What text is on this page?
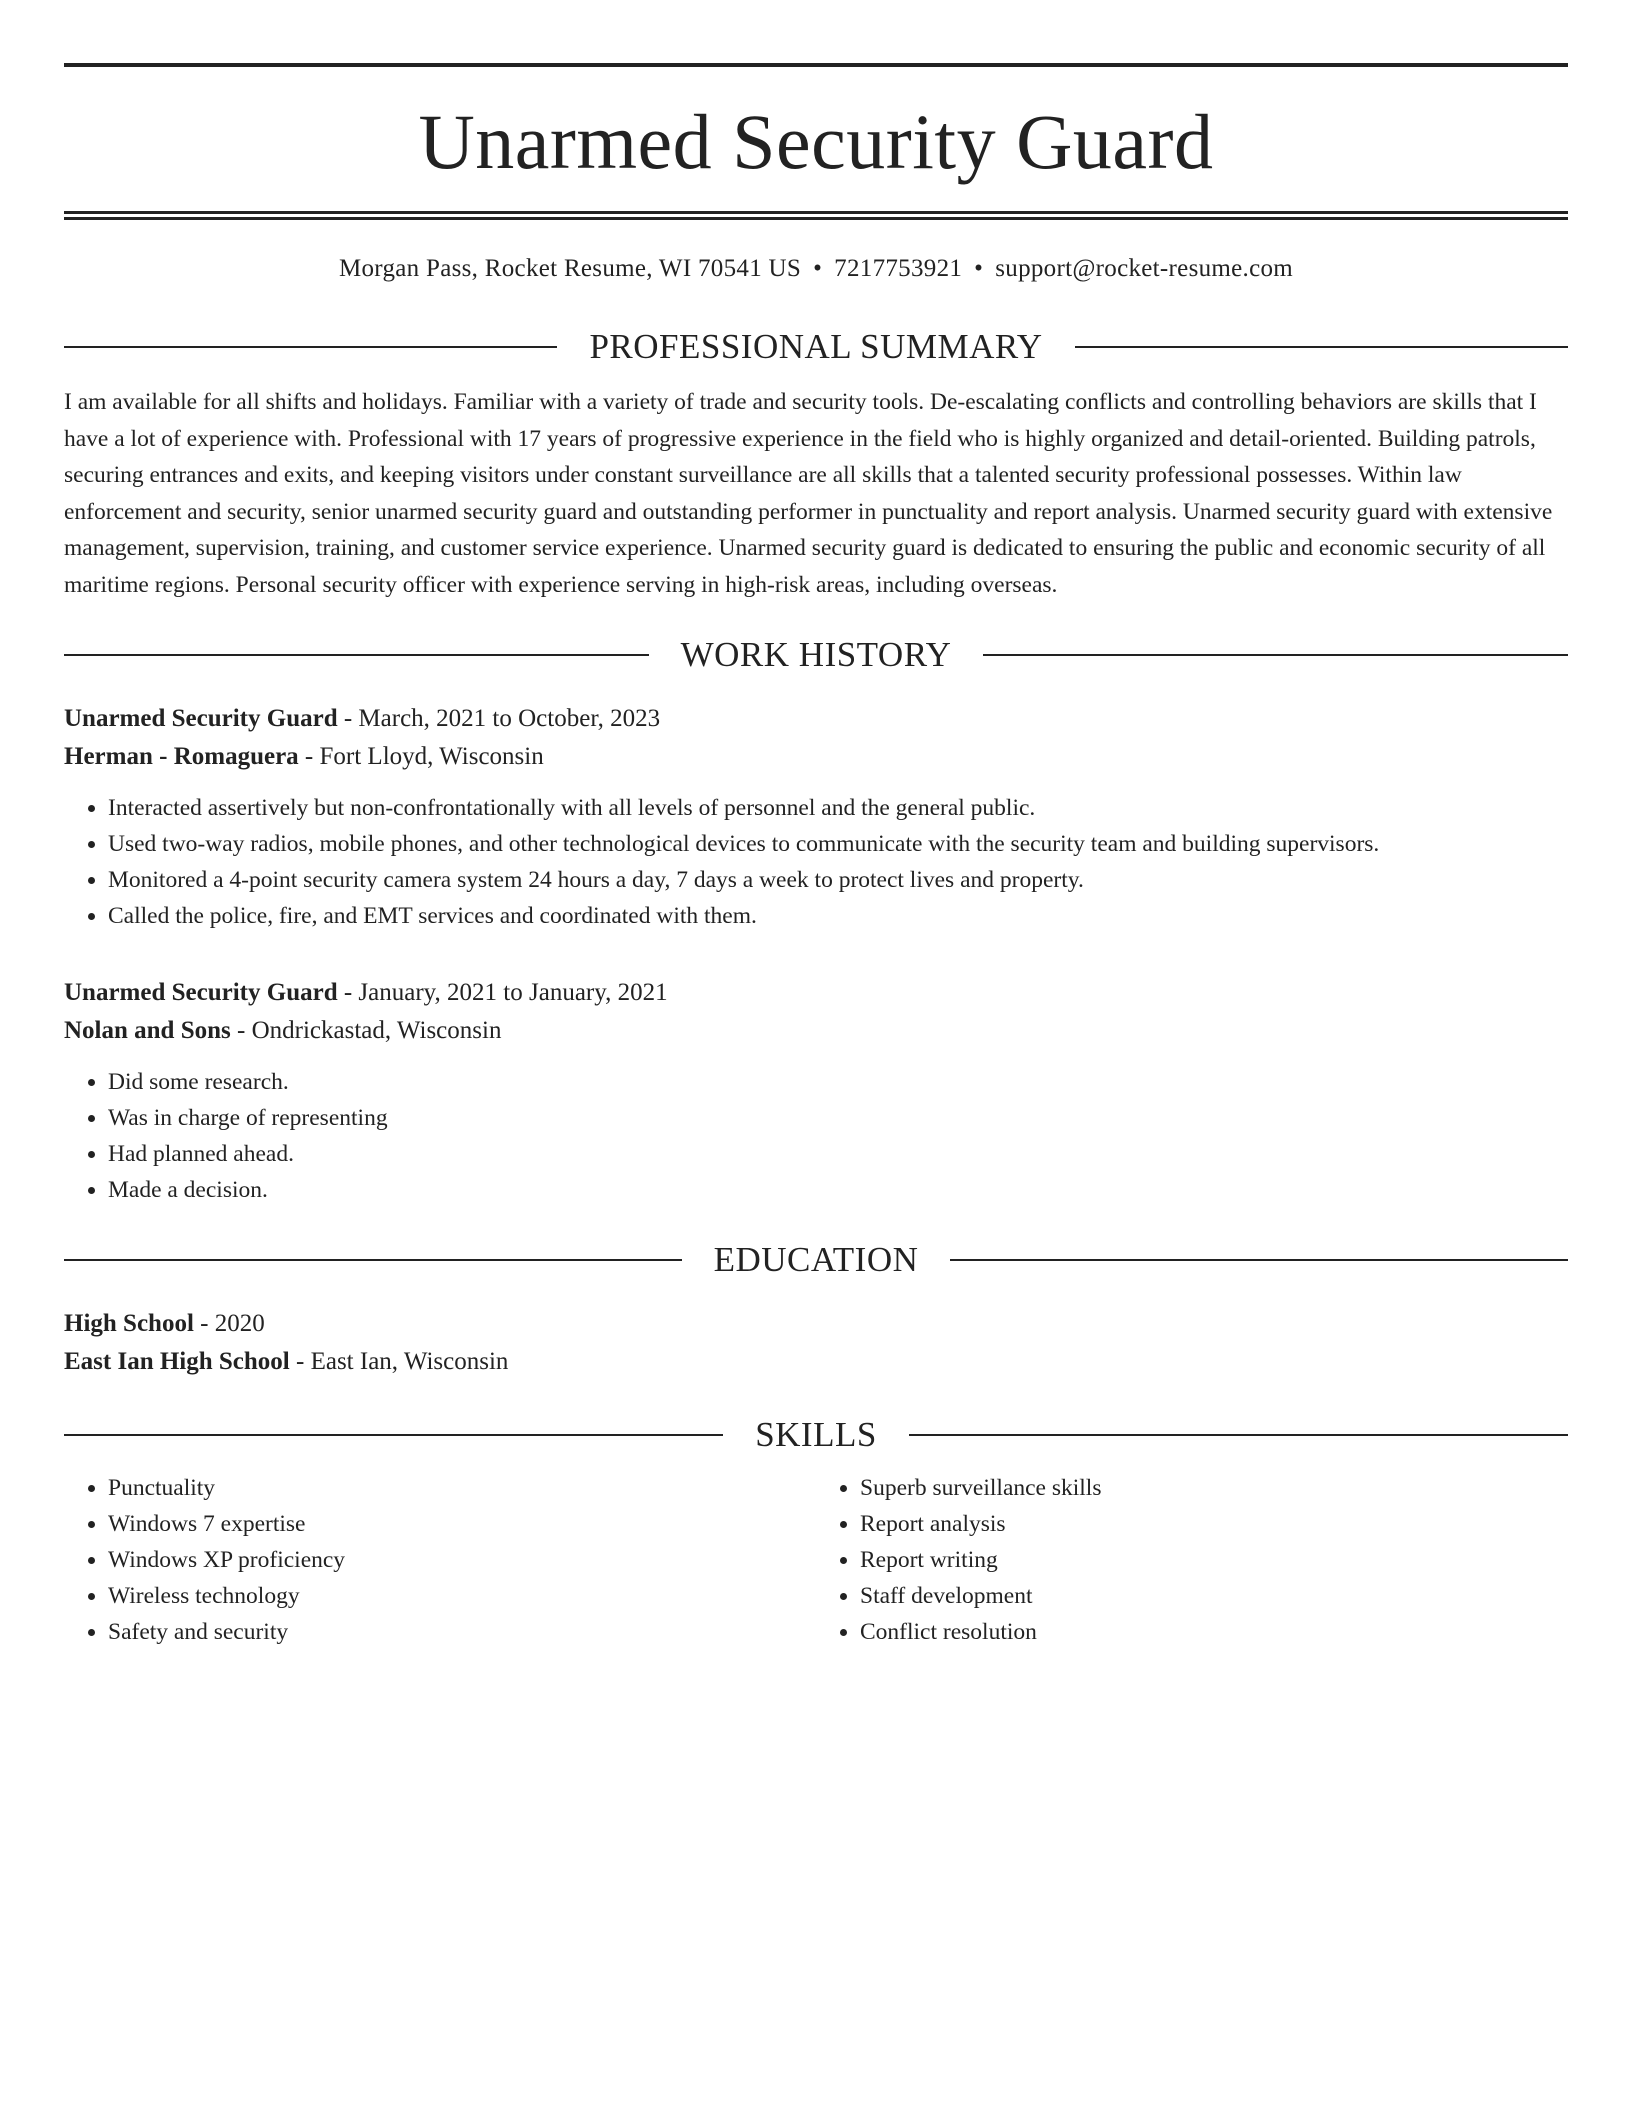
Unarmed Security Guard
Morgan Pass, Rocket Resume, WI 70541 US • 7217753921 • support@rocket-resume.com
PROFESSIONAL SUMMARY
I am available for all shifts and holidays. Familiar with a variety of trade and security tools. De-escalating conflicts and controlling behaviors are skills that I have a lot of experience with. Professional with 17 years of progressive experience in the field who is highly organized and detail-oriented. Building patrols, securing entrances and exits, and keeping visitors under constant surveillance are all skills that a talented security professional possesses. Within law enforcement and security, senior unarmed security guard and outstanding performer in punctuality and report analysis. Unarmed security guard with extensive management, supervision, training, and customer service experience. Unarmed security guard is dedicated to ensuring the public and economic security of all maritime regions. Personal security officer with experience serving in high-risk areas, including overseas.
WORK HISTORY
Unarmed Security Guard - March, 2021 to October, 2023
Herman - Romaguera - Fort Lloyd, Wisconsin
• Interacted assertively but non-confrontationally with all levels of personnel and the general public.
• Used two-way radios, mobile phones, and other technological devices to communicate with the security team and building supervisors.
• Monitored a 4-point security camera system 24 hours a day, 7 days a week to protect lives and property.
• Called the police, fire, and EMT services and coordinated with them.
Unarmed Security Guard - January, 2021 to January, 2021
Nolan and Sons - Ondrickastad, Wisconsin
• Did some research.
• Was in charge of representing
• Had planned ahead.
• Made a decision.
EDUCATION
High School - 2020
East Ian High School - East Ian, Wisconsin
SKILLS
• Punctuality
• Windows 7 expertise
• Windows XP proficiency
• Wireless technology
• Safety and security
• Superb surveillance skills
• Report analysis
• Report writing
• Staff development
• Conflict resolution
